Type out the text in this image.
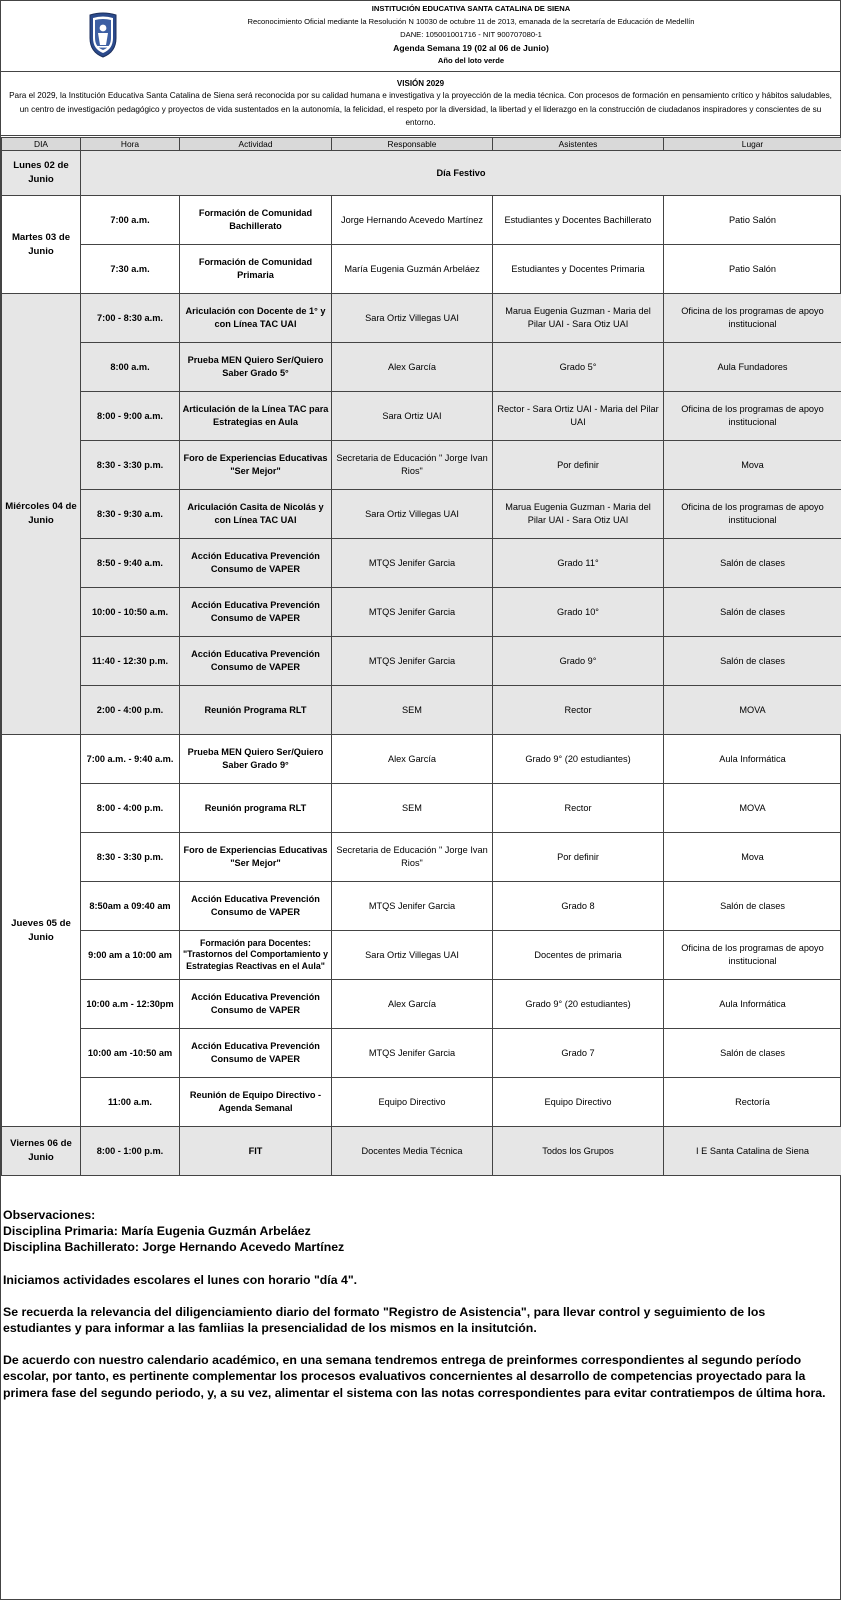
INSTITUCIÓN EDUCATIVA SANTA CATALINA DE SIENA
Reconocimiento Oficial mediante la Resolución N 10030 de octubre 11 de 2013, emanada de la secretaría de Educación de Medellín
DANE: 105001001716 - NIT 900707080-1
Agenda Semana 19 (02 al 06 de Junio)
Año del loto verde
VISIÓN 2029
Para el 2029, la Institución Educativa Santa Catalina de Siena será reconocida por su calidad humana e investigativa y la proyección de la media técnica. Con procesos de formación en pensamiento crítico y hábitos saludables, un centro de investigación pedagógico y proyectos de vida sustentados en la autonomía, la felicidad, el respeto por la diversidad, la libertad y el liderazgo en la construcción de ciudadanos inspiradores y conscientes de su entorno.
DIA	Hora	Actividad	Responsable	Asistentes	Lugar
Lunes 02 de Junio	Día Festivo				
Martes 03 de Junio	7:00 a.m.	Formación de Comunidad Bachillerato	Jorge Hernando Acevedo Martínez	Estudiantes y Docentes Bachillerato	Patio Salón
	7:30 a.m.	Formación de Comunidad Primaria	María Eugenia Guzmán Arbeláez	Estudiantes y Docentes Primaria	Patio Salón
Miércoles 04 de Junio	7:00 - 8:30 a.m.	Ariculación con Docente de 1° y con Línea TAC UAI	Sara Ortiz Villegas UAI	Marua Eugenia Guzman - Maria del Pilar UAI - Sara Otiz UAI	Oficina de los programas de apoyo institucional
	8:00 a.m.	Prueba MEN Quiero Ser/Quiero Saber Grado 5°	Alex García	Grado 5°	Aula Fundadores
	8:00 - 9:00 a.m.	Articulación de la Línea TAC para Estrategias en Aula	Sara Ortiz UAI	Rector - Sara Ortiz UAI - Maria del Pilar UAI	Oficina de los programas de apoyo institucional
	8:30 - 3:30 p.m.	Foro de Experiencias Educativas "Ser Mejor"	Secretaria de Educación " Jorge Ivan Rios"	Por definir	Mova
	8:30 - 9:30 a.m.	Ariculación Casita de Nicolás y con Línea TAC UAI	Sara Ortiz Villegas UAI	Marua Eugenia Guzman - Maria del Pilar UAI - Sara Otiz UAI	Oficina de los programas de apoyo institucional
	8:50 - 9:40 a.m.	Acción Educativa Prevención Consumo de VAPER	MTQS Jenifer Garcia	Grado 11°	Salón de clases
	10:00 - 10:50 a.m.	Acción Educativa Prevención Consumo de VAPER	MTQS Jenifer Garcia	Grado 10°	Salón de clases
	11:40 - 12:30 p.m.	Acción Educativa Prevención Consumo de VAPER	MTQS Jenifer Garcia	Grado 9°	Salón de clases
	2:00 - 4:00 p.m.	Reunión Programa RLT	SEM	Rector	MOVA
Jueves 05 de Junio	7:00 a.m. - 9:40 a.m.	Prueba MEN Quiero Ser/Quiero Saber Grado 9°	Alex García	Grado 9° (20 estudiantes)	Aula Informática
	8:00 - 4:00 p.m.	Reunión programa RLT	SEM	Rector	MOVA
	8:30 - 3:30 p.m.	Foro de Experiencias Educativas "Ser Mejor"	Secretaria de Educación " Jorge Ivan Rios"	Por definir	Mova
	8:50am a 09:40 am	Acción Educativa Prevención Consumo de VAPER	MTQS Jenifer Garcia	Grado 8	Salón de clases
	9:00 am a 10:00 am	Formación para Docentes: "Trastornos del Comportamiento y Estrategias Reactivas en el Aula"	Sara Ortiz Villegas UAI	Docentes de primaria	Oficina de los programas de apoyo institucional
	10:00 a.m - 12:30pm	Acción Educativa Prevención Consumo de VAPER	Alex García	Grado 9° (20 estudiantes)	Aula Informática
	10:00 am -10:50 am	Acción Educativa Prevención Consumo de VAPER	MTQS Jenifer Garcia	Grado 7	Salón de clases
	11:00 a.m.	Reunión de Equipo Directivo - Agenda Semanal	Equipo Directivo	Equipo Directivo	Rectoría
Viernes 06 de Junio	8:00 - 1:00 p.m.	FIT	Docentes Media Técnica	Todos los Grupos	I E Santa Catalina de Siena

Observaciones:

Disciplina Primaria: María Eugenia Guzmán Arbeláez

Disciplina Bachillerato: Jorge Hernando Acevedo Martínez

Iniciamos actividades escolares el lunes con horario "día 4".

Se recuerda la relevancia del diligenciamiento diario del formato "Registro de Asistencia", para llevar control y seguimiento de los estudiantes y para informar a las famliias la presencialidad de los mismos en la insitutción.

De acuerdo con nuestro calendario académico, en una semana tendremos entrega de preinformes correspondientes al segundo período escolar, por tanto, es pertinente complementar los procesos evaluativos concernientes al desarrollo de competencias proyectado para la primera fase del segundo periodo, y, a su vez, alimentar el sistema con las notas correspondientes para evitar contratiempos de última hora.
